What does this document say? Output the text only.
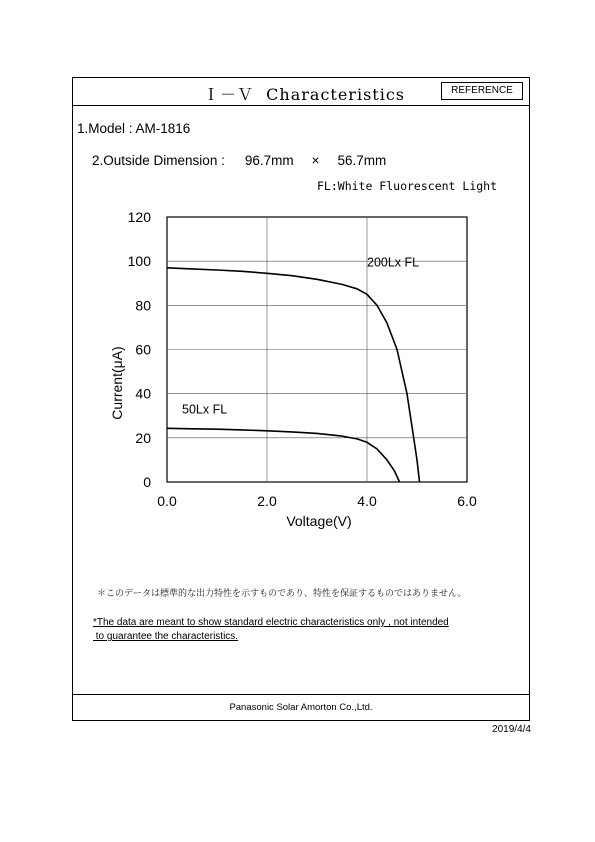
Ｉ－Ｖ  Characteristics	REFERENCE
1.Model : AM-1816

2.Outside Dimension : 96.7mm × 56.7mm

FL:White Fluorescent Light
0
20
40
60
80
100
120
0.0	2.0	4.0	6.0
200Lx FL
50Lx FL
Voltage(V)
Current(μA)
＊このデータは標準的な出力特性を示すものであり、特性を保証するものではありません。
*The data are meant to show standard electric characteristics only , not intended
to guarantee the characteristics.
Panasonic Solar Amorton Co.,Ltd.
2019/4/4
